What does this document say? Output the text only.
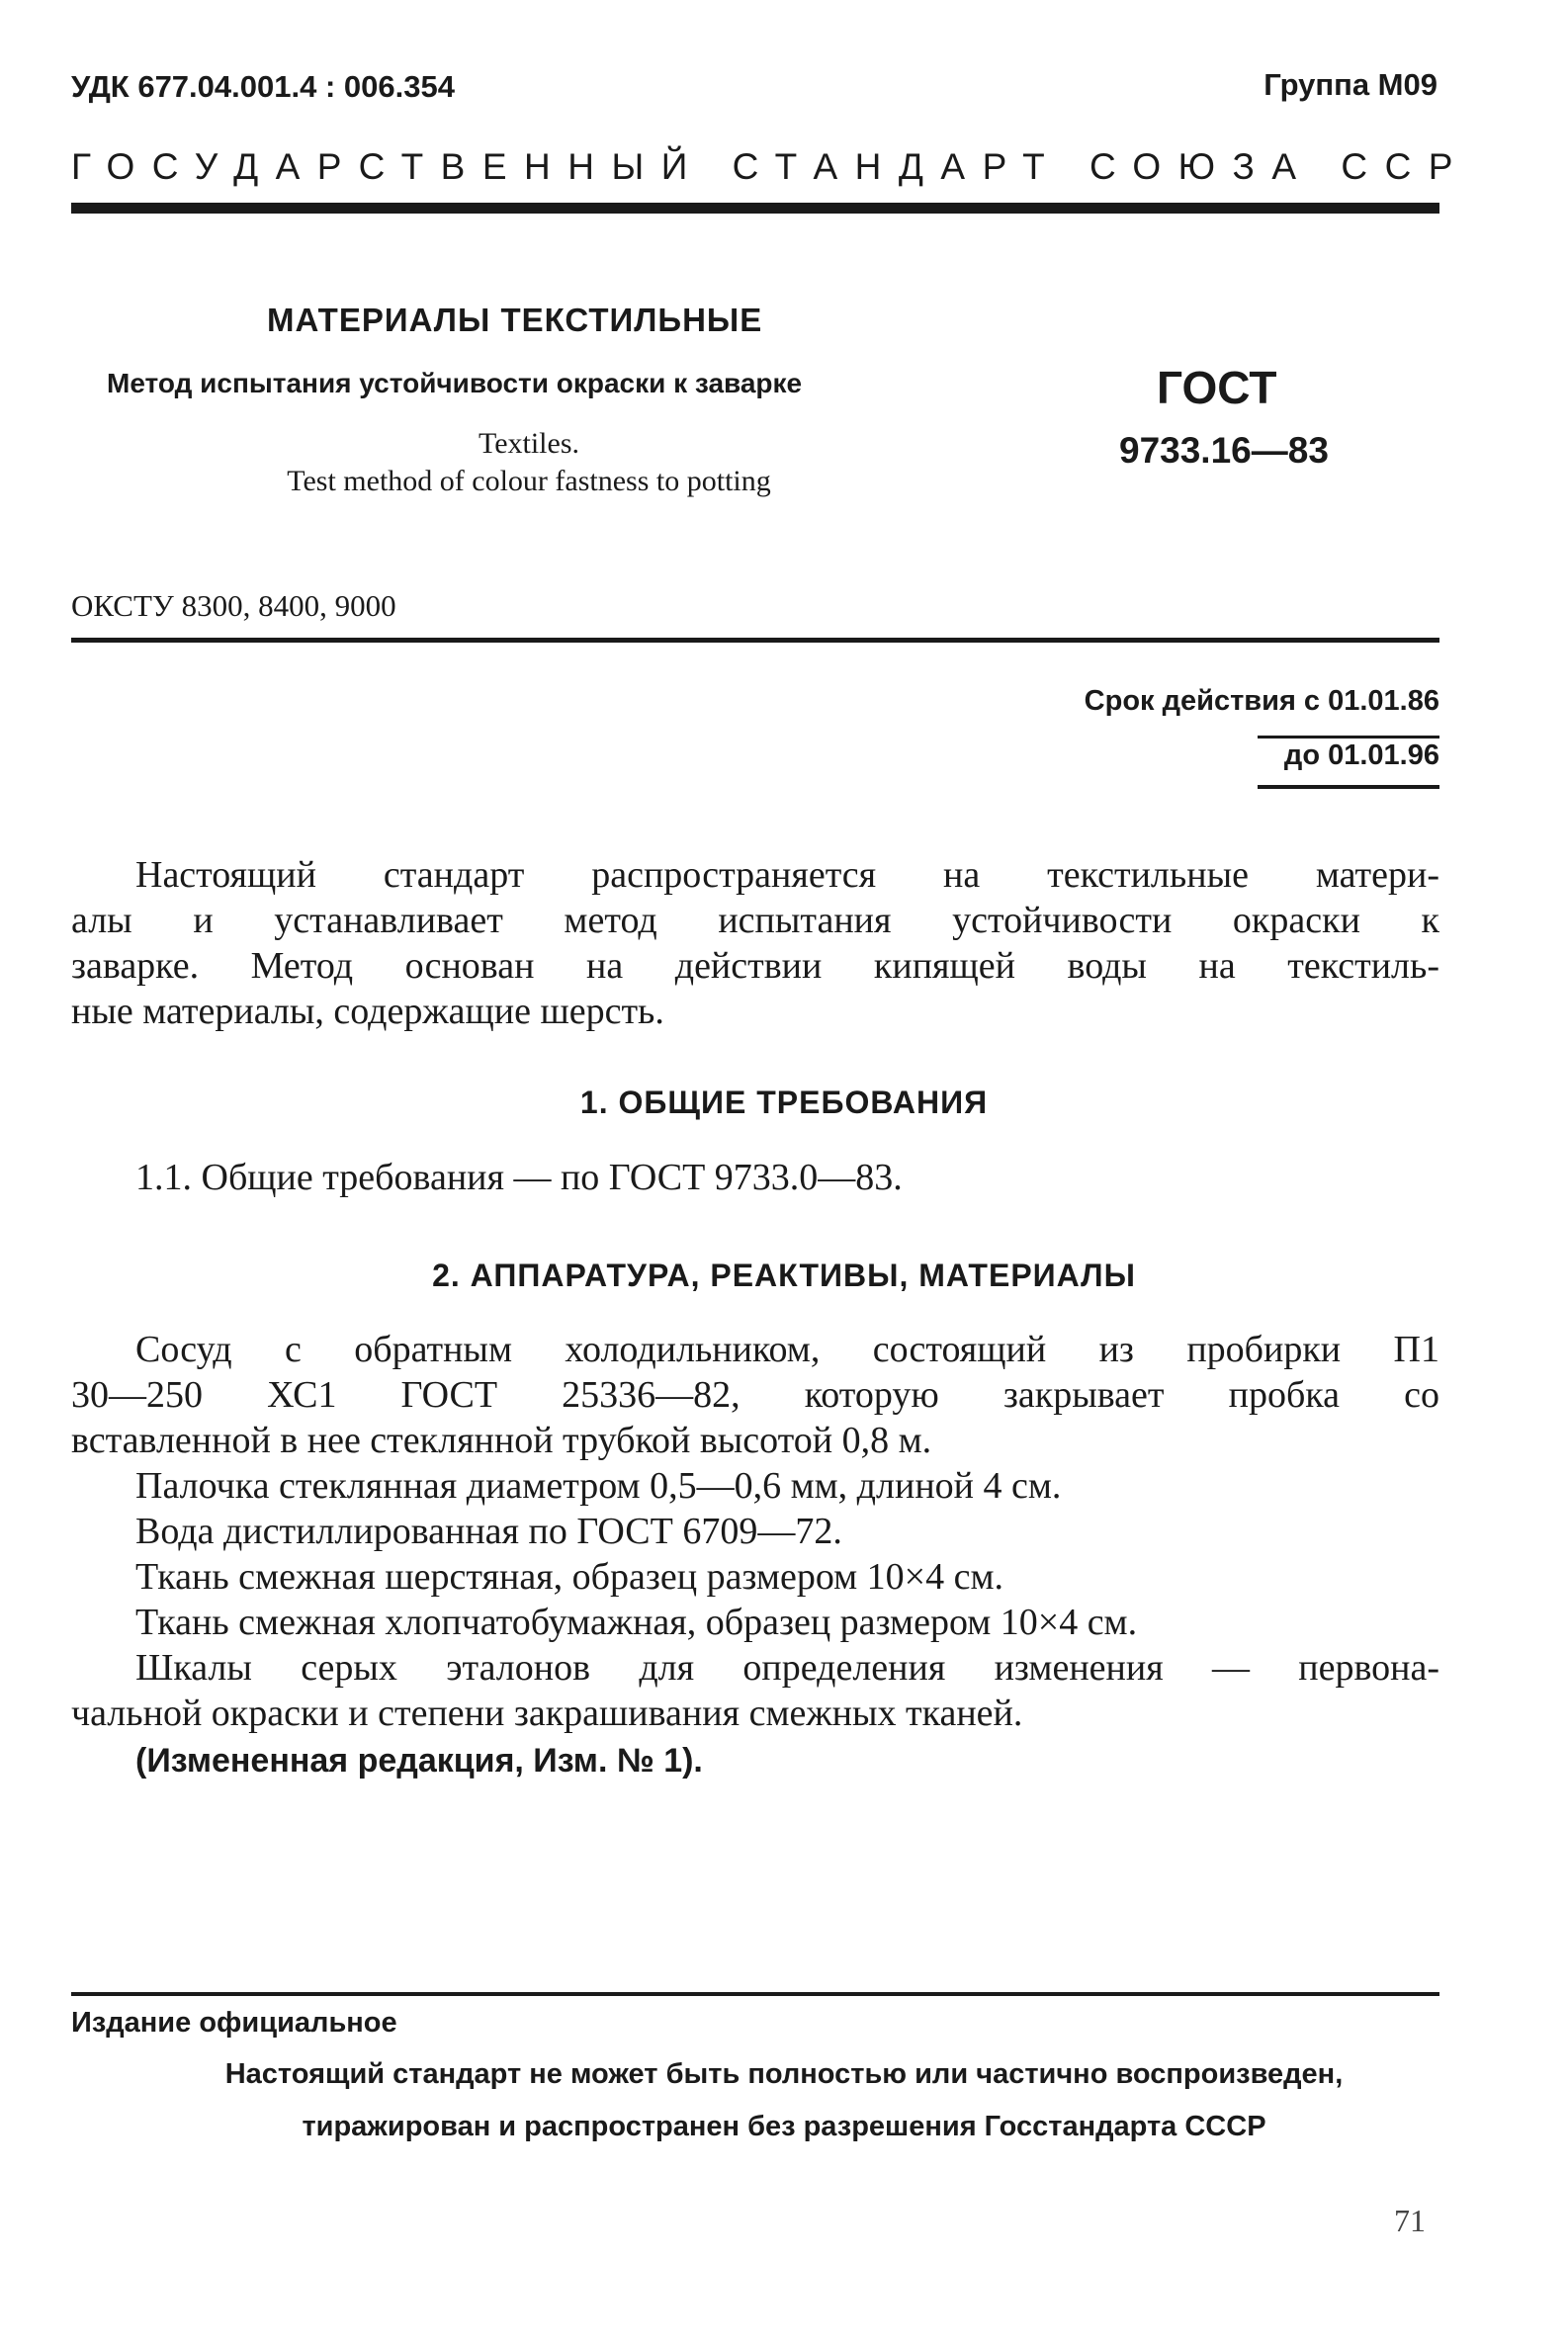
УДК 677.04.001.4 : 006.354	Группа М09
ГОСУДАРСТВЕННЫЙ СТАНДАРТ СОЮЗА ССР
МАТЕРИАЛЫ ТЕКСТИЛЬНЫЕ
Метод испытания устойчивости окраски к заварке
Textiles.
Test method of colour fastness to potting
ГОСТ
9733.16—83
ОКСТУ 8300, 8400, 9000
Срок действия с 01.01.86
до 01.01.96
Настоящий стандарт распространяется на текстильные матери-
алы и устанавливает метод испытания устойчивости окраски к
заварке. Метод основан на действии кипящей воды на текстиль-
ные материалы, содержащие шерсть.
1. ОБЩИЕ ТРЕБОВАНИЯ
1.1. Общие требования — по ГОСТ 9733.0—83.
2. АППАРАТУРА, РЕАКТИВЫ, МАТЕРИАЛЫ
Сосуд с обратным холодильником, состоящий из пробирки П1
30—250 ХС1 ГОСТ 25336—82, которую закрывает пробка со
вставленной в нее стеклянной трубкой высотой 0,8 м.
Палочка стеклянная диаметром 0,5—0,6 мм, длиной 4 см.
Вода дистиллированная по ГОСТ 6709—72.
Ткань смежная шерстяная, образец размером 10×4 см.
Ткань смежная хлопчатобумажная, образец размером 10×4 см.
Шкалы серых эталонов для определения изменения — первона-
чальной окраски и степени закрашивания смежных тканей.
(Измененная редакция, Изм. № 1).
Издание официальное
Настоящий стандарт не может быть полностью или частично воспроизведен,
тиражирован и распространен без разрешения Госстандарта СССР
71
